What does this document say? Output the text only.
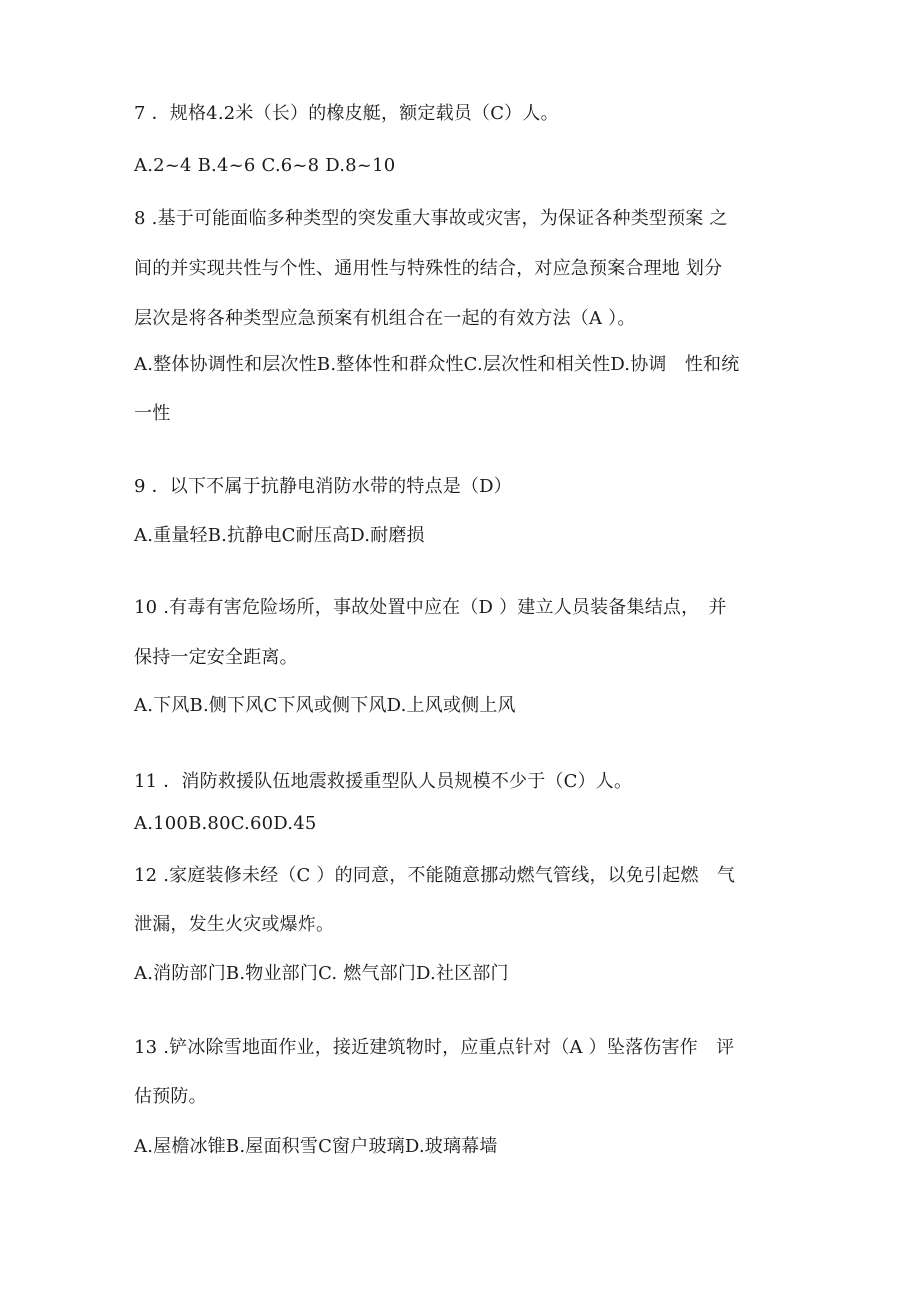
7 ．规格4.2米（长）的橡皮艇，额定载员（C）人。
A.2~4 B.4~6 C.6~8 D.8~10
8 .基于可能面临多种类型的突发重大事故或灾害，为保证各种类型预案 之
间的并实现共性与个性、通用性与特殊性的结合，对应急预案合理地 划分
层次是将各种类型应急预案有机组合在一起的有效方法（A ）。
A.整体协调性和层次性B.整体性和群众性C.层次性和相关性D.协调　性和统
一性
9 ．以下不属于抗静电消防水带的特点是（D）
A.重量轻B.抗静电C耐压高D.耐磨损
10 .有毒有害危险场所，事故处置中应在（D ）建立人员装备集结点，　并
保持一定安全距离。
A.下风B.侧下风C下风或侧下风D.上风或侧上风
11 ．消防救援队伍地震救援重型队人员规模不少于（C）人。
A.100B.80C.60D.45
12 .家庭装修未经（C ）的同意，不能随意挪动燃气管线，以免引起燃　气
泄漏，发生火灾或爆炸。
A.消防部门B.物业部门C. 燃气部门D.社区部门
13 .铲冰除雪地面作业，接近建筑物时，应重点针对（A ）坠落伤害作　评
估预防。
A.屋檐冰锥B.屋面积雪C窗户玻璃D.玻璃幕墙
